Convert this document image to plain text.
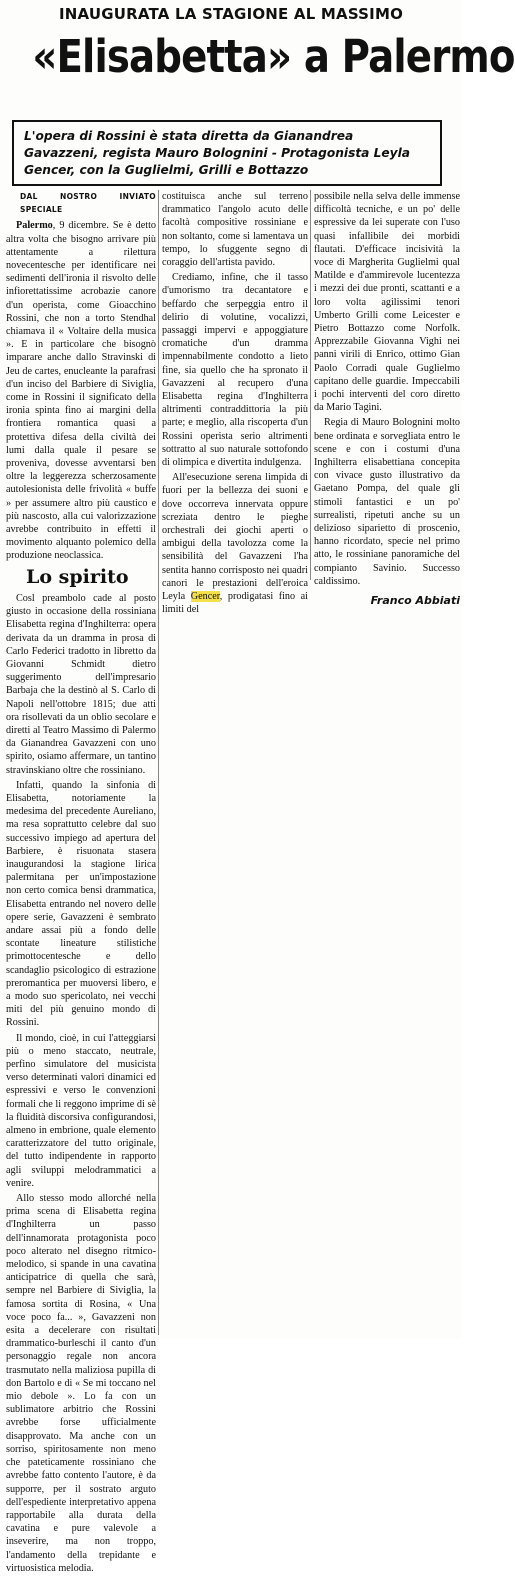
INAUGURATA LA STAGIONE AL MASSIMO
«Elisabetta» a Palermo
L'opera di Rossini è stata diretta da Gianandrea Gavazzeni, regista Mauro Bolognini - Protagonista Leyla Gencer, con la Guglielmi, Grilli e Bottazzo
DAL NOSTRO INVIATO SPECIALE

Palermo, 9 dicembre. Se è detto altra volta che bisogno arrivare più attentamente a rilettura novecentesche per identificare nei sedimenti dell'ironia il risvolto delle infiorettatissime acrobazie canore d'un operista, come Gioacchino Rossini, che non a torto Stendhal chiamava il « Voltaire della musica ». E in particolare che bisognò imparare anche dallo Stravinski di Jeu de cartes, enucleante la parafrasi d'un inciso del Barbiere di Siviglia, come in Rossini il significato della ironia spinta fino ai margini della frontiera romantica quasi a protettiva difesa della civiltà dei lumi dalla quale il pesare se provenìva, dovesse avventarsi ben oltre la leggerezza scherzosamente autolesionista delle frivolità « buffe » per assumere altro più caustico e più nascosto, alla cui valorizzazione avrebbe contribuito in effetti il movimento alquanto polemico della produzione neoclassica.

Lo spirito

Cosl preambolo cade al posto giusto in occasione della rossiniana Elisabetta regina d'Inghilterra: opera derivata da un dramma in prosa di Carlo Federici tradotto in libretto da Giovanni Schmidt dietro suggerimento dell'impresario Barbaja che la destinò al S. Carlo di Napoli nell'ottobre 1815; due atti ora risollevati da un oblio secolare e diretti al Teatro Massimo di Palermo da Gianandrea Gavazzeni con uno spirito, osiamo affermare, un tantino stravinskiano oltre che rossiniano.

Infatti, quando la sinfonia di Elisabetta, notoriamente la medesima del precedente Aureliano, ma resa soprattutto celebre dal suo successivo impiego ad apertura del Barbiere, è risuonata stasera inaugurandosi la stagione lirica palermitana per un'impostazione non certo comica bensì drammatica, Elisabetta entrando nel novero delle opere serie, Gavazzeni è sembrato andare assai più a fondo delle scontate lineature stilistiche primottocentesche e dello scandaglio psicologico di estrazione preromantica per muoversi libero, e a modo suo spericolato, nei vecchi miti del più genuino mondo di Rossini.

Il mondo, cioè, in cui l'atteggiarsi più o meno staccato, neutrale, perfino simulatore del musicista verso determinati valori dinamici ed espressivi e verso le convenzioni formali che li reggono imprime di sè la fluidità discorsiva configurandosi, almeno in embrione, quale elemento caratterizzatore del tutto originale, del tutto indipendente in rapporto agli sviluppi melodrammatici a venire.

Allo stesso modo allorché nella prima scena di Elisabetta regina d'Inghilterra un passo dell'innamorata protagonista poco poco alterato nel disegno ritmico-melodico, si spande in una cavatina anticipatrice di quella che sarà, sempre nel Barbiere di Siviglia, la famosa sortita di Rosina, « Una voce poco fa... », Gavazzeni non esita a decelerare con risultati drammatico-burleschi il canto d'un personaggio regale non ancora trasmutato nella maliziosa pupilla di don Bartolo e di « Se mi toccano nel mio debole ». Lo fa con un sublimatore arbitrio che Rossini avrebbe forse ufficialmente disapprovato. Ma anche con un sorriso, spiritosamente non meno che pateticamente rossiniano che avrebbe fatto contento l'autore, è da supporre, per il sostrato arguto dell'espediente interpretativo appena rapportabile alla durata della cavatina e pure valevole a inseverire, ma non troppo, l'andamento della trepidante e virtuosistica melodia.

costituisca anche sul terreno drammatico l'angolo acuto delle facoltà compositive rossiniane e non soltanto, come si lamentava un tempo, lo sfuggente segno di coraggio dell'artista pavido.

Crediamo, infine, che il tasso d'umorismo tra decantatore e beffardo che serpeggia entro il delirio di volutine, vocalizzi, passaggi impervi e appoggiature cromatiche d'un dramma impennabilmente condotto a lieto fine, sia quello che ha spronato il Gavazzeni al recupero d'una Elisabetta regina d'Inghilterra altrimenti contraddittoria la più parte; e meglio, alla riscoperta d'un Rossini operista serio altrimenti sottratto al suo naturale sottofondo di olimpica e divertita indulgenza.

All'esecuzione serena limpida di fuori per la bellezza dei suoni e dove occorreva innervata oppure screziata dentro le pieghe orchestrali dei giochi aperti o ambigui della tavolozza come la sensibilità del Gavazzeni l'ha sentita hanno corrisposto nei quadri canori le prestazioni dell'eroica Leyla Gencer, prodigatasi fino ai limiti del

possibile nella selva delle immense difficoltà tecniche, e un po' delle espressive da lei superate con l'uso quasi infallibile dei morbidi flautati. D'efficace incisività la voce di Margherita Guglielmi qual Matilde e d'ammirevole lucentezza i mezzi dei due pronti, scattanti e a loro volta agilissimi tenori Umberto Grilli come Leicester e Pietro Bottazzo come Norfolk. Apprezzabile Giovanna Vighi nei panni virili di Enrico, ottimo Gian Paolo Corradi quale Guglielmo capitano delle guardie. Impeccabili i pochi interventi del coro diretto da Mario Tagini.

Regia di Mauro Bolognini molto bene ordinata e sorvegliata entro le scene e con i costumi d'una Inghilterra elisabettiana concepita con vivace gusto illustrativo da Gaetano Pompa, del quale gli stimoli fantastici e un po' surrealisti, ripetuti anche su un delizioso siparietto di proscenio, hanno ricordato, specie nel primo atto, le rossiniane panoramiche del compianto Savinio. Successo caldissimo.

Franco Abbiati
